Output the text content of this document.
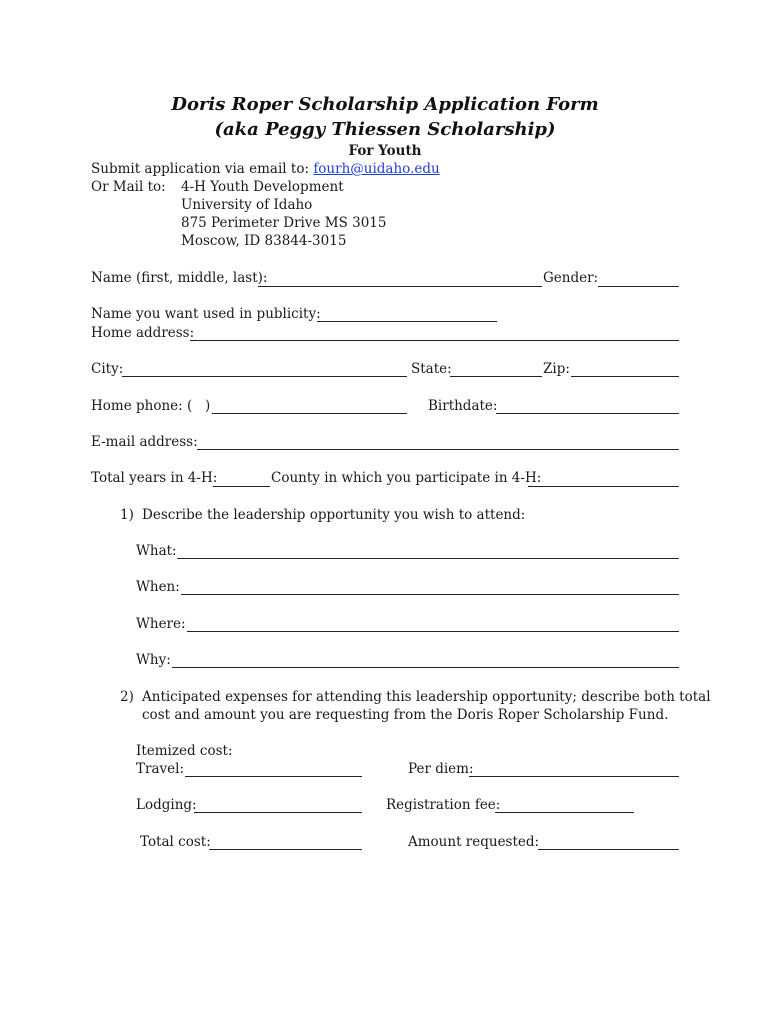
Doris Roper Scholarship Application Form
(aka Peggy Thiessen Scholarship)
For Youth
Submit application via email to: fourh@uidaho.edu
Or Mail to: 4-H Youth Development
University of Idaho
875 Perimeter Drive MS 3015
Moscow, ID 83844-3015
Name (first, middle, last):	Gender:
Name you want used in publicity:
Home address:
City:	State:	Zip:
Home phone: ( )	Birthdate:
E-mail address:
Total years in 4-H:	County in which you participate in 4-H:
1) Describe the leadership opportunity you wish to attend:
What:
When:
Where:
Why:
2) Anticipated expenses for attending this leadership opportunity; describe both total
cost and amount you are requesting from the Doris Roper Scholarship Fund.
Itemized cost:
Travel:	Per diem:
Lodging:	Registration fee:
Total cost:	Amount requested:
